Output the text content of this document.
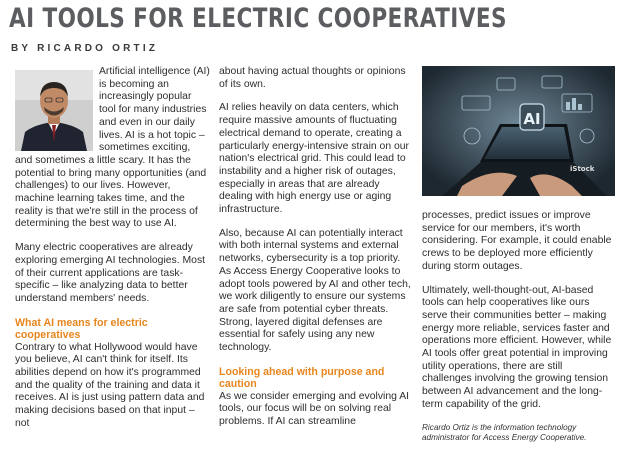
AI TOOLS FOR ELECTRIC COOPERATIVES
BY RICARDO ORTIZ

Artificial intelligence (AI) is becoming an increasingly popular tool for many industries and even in our daily lives. AI is a hot topic – sometimes exciting, and sometimes a little scary. It has the potential to bring many opportunities (and challenges) to our lives. However, machine learning takes time, and the reality is that we're still in the process of determining the best way to use AI.

Many electric cooperatives are already exploring emerging AI technologies. Most of their current applications are task-specific – like analyzing data to better understand members' needs.

What AI means for electric cooperatives

Contrary to what Hollywood would have you believe, AI can't think for itself. Its abilities depend on how it's programmed and the quality of the training and data it receives. AI is just using pattern data and making decisions based on that input – not

about having actual thoughts or opinions of its own.

AI relies heavily on data centers, which require massive amounts of fluctuating electrical demand to operate, creating a particularly energy-intensive strain on our nation's electrical grid. This could lead to instability and a higher risk of outages, especially in areas that are already dealing with high energy use or aging infrastructure.

Also, because AI can potentially interact with both internal systems and external networks, cybersecurity is a top priority. As Access Energy Cooperative looks to adopt tools powered by AI and other tech, we work diligently to ensure our systems are safe from potential cyber threats. Strong, layered digital defenses are essential for safely using any new technology.

Looking ahead with purpose and caution

As we consider emerging and evolving AI tools, our focus will be on solving real problems. If AI can streamline

AI
iStock

processes, predict issues or improve service for our members, it's worth considering. For example, it could enable crews to be deployed more efficiently during storm outages.

Ultimately, well-thought-out, AI-based tools can help cooperatives like ours serve their communities better – making energy more reliable, services faster and operations more efficient. However, while AI tools offer great potential in improving utility operations, there are still challenges involving the growing tension between AI advancement and the long-term capability of the grid.

Ricardo Ortiz is the information technology administrator for Access Energy Cooperative.
